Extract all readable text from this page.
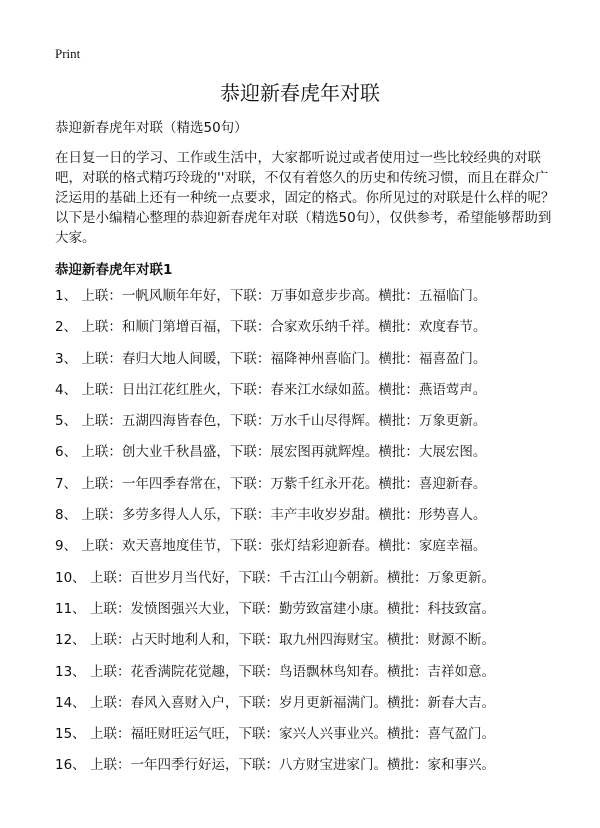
Print
恭迎新春虎年对联
恭迎新春虎年对联（精选50句）
在日复一日的学习、工作或生活中，大家都听说过或者使用过一些比较经典的对联吧，对联的格式精巧玲珑的''对联，不仅有着悠久的历史和传统习惯，而且在群众广泛运用的基础上还有一种统一点要求，固定的格式。你所见过的对联是什么样的呢？以下是小编精心整理的恭迎新春虎年对联（精选50句），仅供参考，希望能够帮助到大家。
恭迎新春虎年对联1
1、 上联：一帆风顺年年好，下联：万事如意步步高。横批：五福临门。
2、 上联：和顺门第增百福，下联：合家欢乐纳千祥。横批：欢度春节。
3、 上联：春归大地人间暖，下联：福降神州喜临门。横批：福喜盈门。
4、 上联：日出江花红胜火，下联：春来江水绿如蓝。横批：燕语莺声。
5、 上联：五湖四海皆春色，下联：万水千山尽得辉。横批：万象更新。
6、 上联：创大业千秋昌盛，下联：展宏图再就辉煌。横批：大展宏图。
7、 上联：一年四季春常在，下联：万紫千红永开花。横批：喜迎新春。
8、 上联：多劳多得人人乐，下联：丰产丰收岁岁甜。横批：形势喜人。
9、 上联：欢天喜地度佳节，下联：张灯结彩迎新春。横批：家庭幸福。
10、 上联：百世岁月当代好，下联：千古江山今朝新。横批：万象更新。
11、 上联：发愤图强兴大业，下联：勤劳致富建小康。横批：科技致富。
12、 上联：占天时地利人和，下联：取九州四海财宝。横批：财源不断。
13、 上联：花香满院花觉趣，下联：鸟语飘林鸟知春。横批：吉祥如意。
14、 上联：春风入喜财入户，下联：岁月更新福满门。横批：新春大吉。
15、 上联：福旺财旺运气旺，下联：家兴人兴事业兴。横批：喜气盈门。
16、 上联：一年四季行好运，下联：八方财宝进家门。横批：家和事兴。
